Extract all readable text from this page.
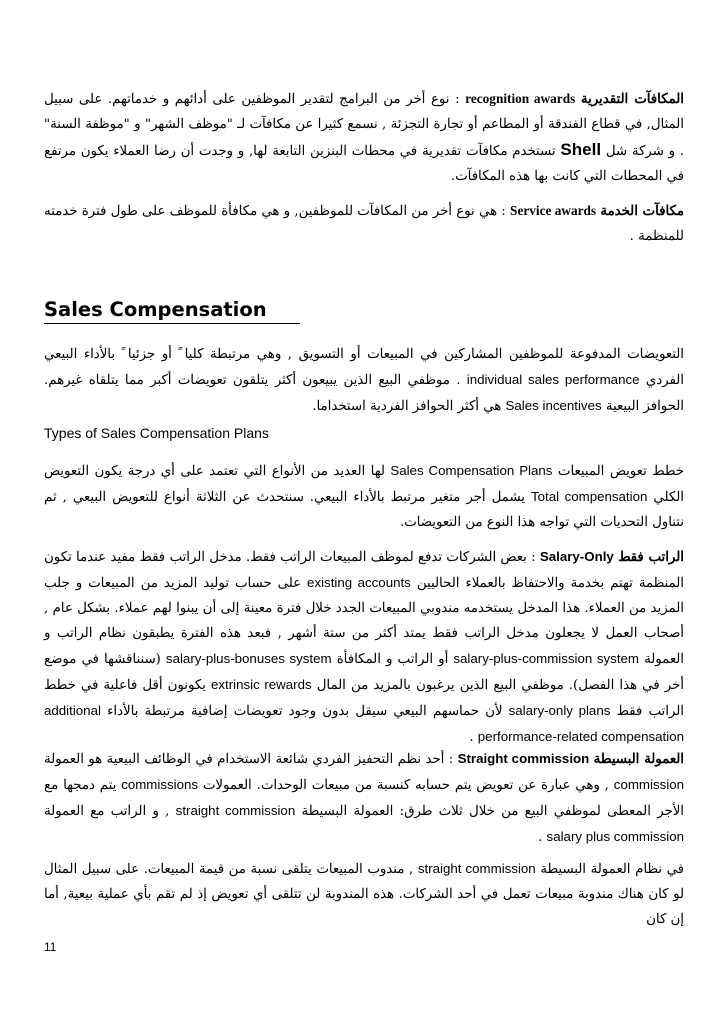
المكافآت التقديرية recognition awards : نوع أخر من البرامج لتقدير الموظفين على أدائهم و خدماتهم. على سبيل المثال, في قطاع الفندقة أو المطاعم أو تجارة التجزئة , نسمع كثيرا عن مكافآت لـ "موظف الشهر" و "موظفة السنة" . و شركة شل Shell تستخدم مكافآت تقديرية في محطات البنزين التابعة لها, و وجدت أن رضا العملاء يكون مرتفع في المحطات التي كانت بها هذه المكافآت.

مكافآت الخدمة Service awards : هي نوع أخر من المكافآت للموظفين, و هي مكافأة للموظف على طول فترة خدمته للمنظمة .

Sales Compensation

التعويضات المدفوعة للموظفين المشاركين في المبيعات أو التسويق , وهي مرتبطة كليا ً أو جزئيا ً بالأداء البيعي الفردي individual sales performance . موظفي البيع الذين يبيعون أكثر يتلقون تعويضات أكبر مما يتلقاه غيرهم. الحوافز البيعية Sales incentives هي أكثر الحوافز الفردية استخداما.

Types of Sales Compensation Plans

خطط تعويض المبيعات Sales Compensation Plans لها العديد من الأنواع التي تعتمد على أي درجة يكون التعويض الكلي Total compensation يشمل أجر متغير مرتبط بالأداء البيعي. سنتحدث عن الثلاثة أنواع للتعويض البيعي , ثم نتناول التحديات التي تواجه هذا النوع من التعويضات.

الراتب فقط Salary-Only : بعض الشركات تدفع لموظف المبيعات الراتب فقط. مدخل الراتب فقط مفيد عندما تكون المنظمة تهتم بخدمة والاحتفاظ بالعملاء الحاليين existing accounts على حساب توليد المزيد من المبيعات و جلب المزيد من العملاء. هذا المدخل يستخدمه مندوبي المبيعات الجدد خلال فترة معينة إلى أن يبنوا لهم عملاء. بشكل عام , أصحاب العمل لا يجعلون مدخل الراتب فقط يمتد أكثر من ستة أشهر , فبعد هذه الفترة يطبقون نظام الراتب و العمولة salary-plus-commission system أو الراتب و المكافأة salary-plus-bonuses system (سنناقشها في موضع أخر في هذا الفصل). موظفي البيع الذين يرغبون بالمزيد من المال extrinsic rewards يكونون أقل فاعلية في خطط الراتب فقط salary-only plans لأن حماسهم البيعي سيقل بدون وجود تعويضات إضافية مرتبطة بالأداء additional performance-related compensation .

العمولة البسيطة Straight commission : أحد نظم التحفيز الفردي شائعة الاستخدام في الوظائف البيعية هو العمولة commission , وهي عبارة عن تعويض يتم حسابه كنسبة من مبيعات الوحدات. العمولات commissions يتم دمجها مع الأجر المعطى لموظفي البيع من خلال ثلاث طرق: العمولة البسيطة straight commission , و الراتب مع العمولة salary plus commission .

في نظام العمولة البسيطة straight commission , مندوب المبيعات يتلقى نسبة من قيمة المبيعات. على سبيل المثال لو كان هناك مندوبة مبيعات تعمل في أحد الشركات. هذه المندوبة لن تتلقى أي تعويض إذ لم تقم بأي عملية بيعية, أما إن كان

11
